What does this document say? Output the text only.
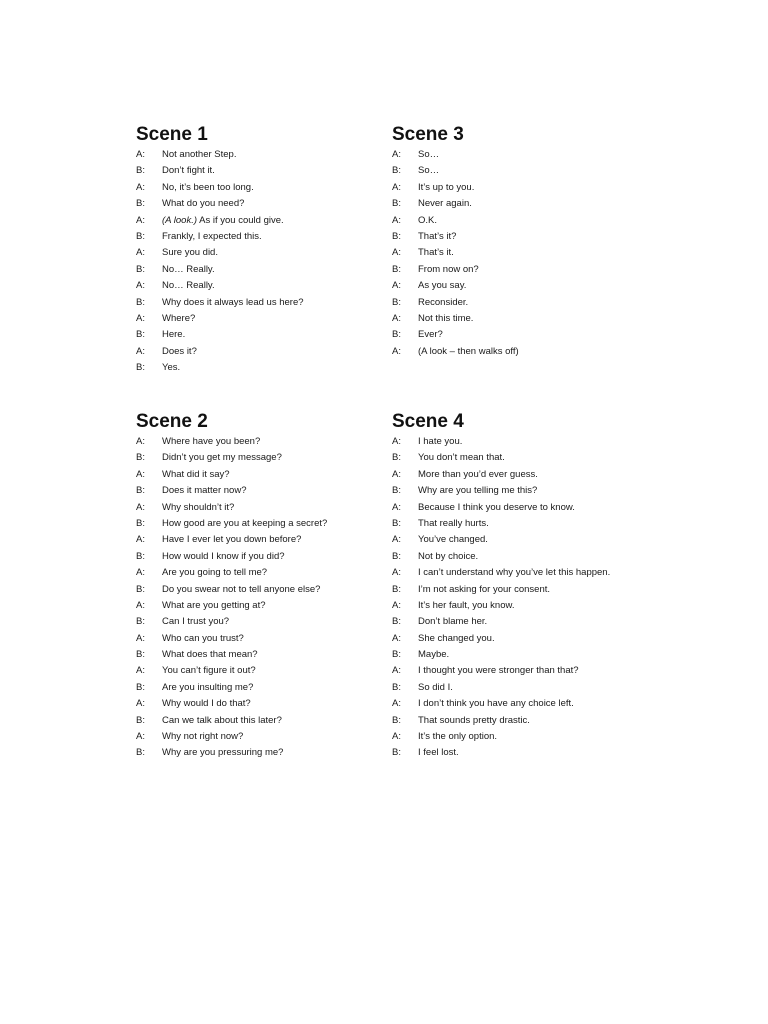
Scene 1
A:	Not another Step.
B:	Don’t fight it.
A:	No, it’s been too long.
B:	What do you need?
A:	(A look.) As if you could give.
B:	Frankly, I expected this.
A:	Sure you did.
B:	No… Really.
A:	No… Really.
B:	Why does it always lead us here?
A:	Where?
B:	Here.
A:	Does it?
B:	Yes.
Scene 3
A:	So…
B:	So…
A:	It’s up to you.
B:	Never again.
A:	O.K.
B:	That’s it?
A:	That’s it.
B:	From now on?
A:	As you say.
B:	Reconsider.
A:	Not this time.
B:	Ever?
A:	(A look – then walks off)
Scene 2
A:	Where have you been?
B:	Didn’t you get my message?
A:	What did it say?
B:	Does it matter now?
A:	Why shouldn’t it?
B:	How good are you at keeping a secret?
A:	Have I ever let you down before?
B:	How would I know if you did?
A:	Are you going to tell me?
B:	Do you swear not to tell anyone else?
A:	What are you getting at?
B:	Can I trust you?
A:	Who can you trust?
B:	What does that mean?
A:	You can’t figure it out?
B:	Are you insulting me?
A:	Why would I do that?
B:	Can we talk about this later?
A:	Why not right now?
B:	Why are you pressuring me?
Scene 4
A:	I hate you.
B:	You don’t mean that.
A:	More than you’d ever guess.
B:	Why are you telling me this?
A:	Because I think you deserve to know.
B:	That really hurts.
A:	You’ve changed.
B:	Not by choice.
A:	I can’t understand why you’ve let this happen.
B:	I’m not asking for your consent.
A:	It’s her fault, you know.
B:	Don’t blame her.
A:	She changed you.
B:	Maybe.
A:	I thought you were stronger than that?
B:	So did I.
A:	I don’t think you have any choice left.
B:	That sounds pretty drastic.
A:	It’s the only option.
B:	I feel lost.
